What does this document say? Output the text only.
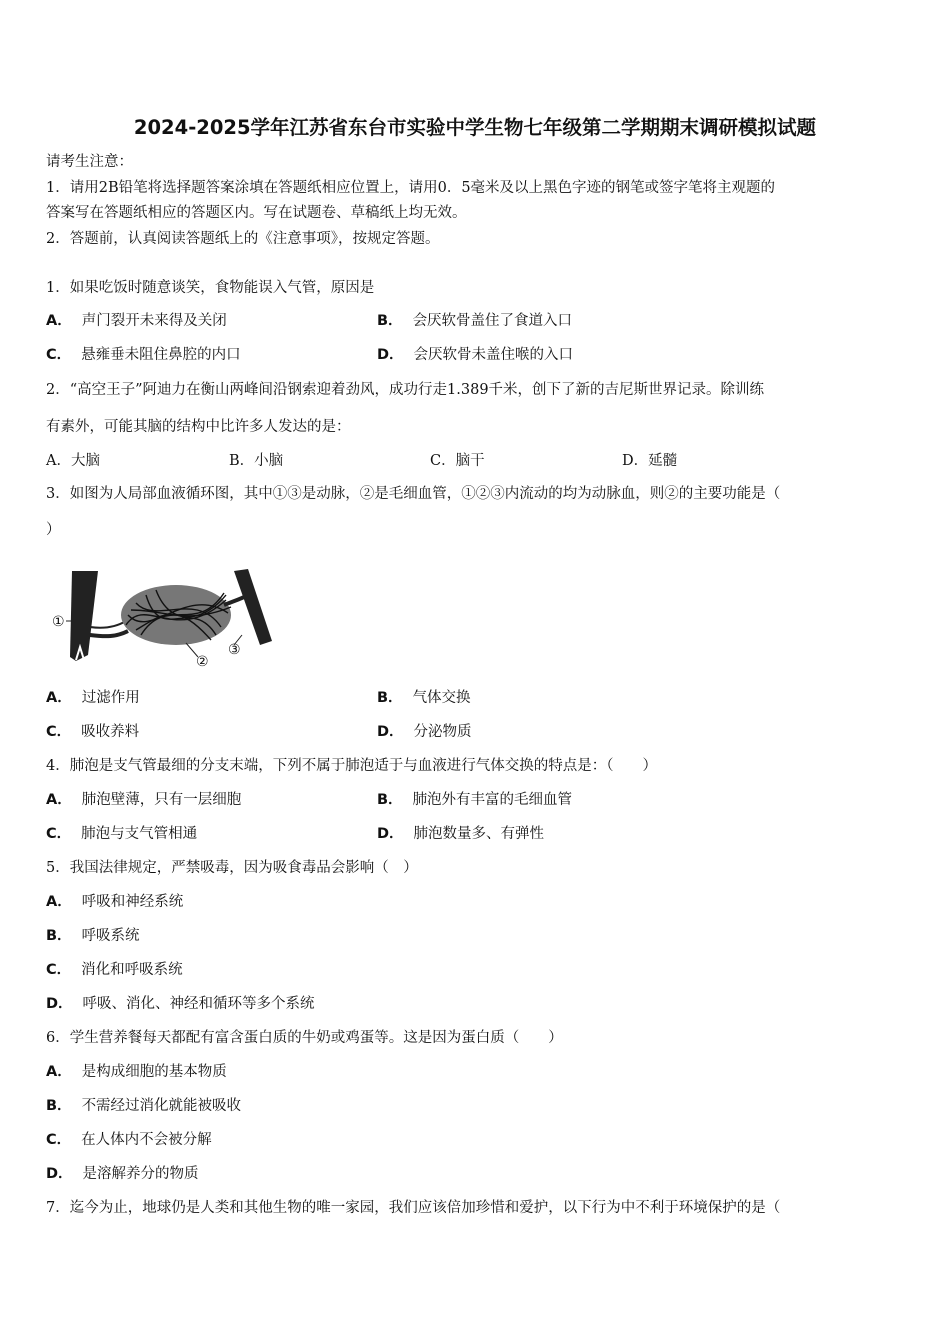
2024-2025学年江苏省东台市实验中学生物七年级第二学期期末调研模拟试题
请考生注意：
1．请用2B铅笔将选择题答案涂填在答题纸相应位置上，请用0．5毫米及以上黑色字迹的钢笔或签字笔将主观题的
答案写在答题纸相应的答题区内。写在试题卷、草稿纸上均无效。
2．答题前，认真阅读答题纸上的《注意事项》，按规定答题。
1．如果吃饭时随意谈笑，食物能误入气管，原因是
A． 声门裂开未来得及关闭	B． 会厌软骨盖住了食道入口
C． 悬雍垂未阻住鼻腔的内口	D． 会厌软骨未盖住喉的入口
2．“高空王子”阿迪力在衡山两峰间沿钢索迎着劲风，成功行走1.389千米，创下了新的吉尼斯世界记录。除训练
有素外，可能其脑的结构中比许多人发达的是：
A．大脑	B．小脑	C．脑干	D．延髓
3．如图为人局部血液循环图，其中①③是动脉，②是毛细血管，①②③内流动的均为动脉血，则②的主要功能是（
）
①
②
③
A． 过滤作用	B． 气体交换
C． 吸收养料	D． 分泌物质
4．肺泡是支气管最细的分支末端，下列不属于肺泡适于与血液进行气体交换的特点是：（　　）
A． 肺泡壁薄，只有一层细胞	B． 肺泡外有丰富的毛细血管
C． 肺泡与支气管相通	D． 肺泡数量多、有弹性
5．我国法律规定，严禁吸毒，因为吸食毒品会影响（　）
A． 呼吸和神经系统
B． 呼吸系统
C． 消化和呼吸系统
D． 呼吸、消化、神经和循环等多个系统
6．学生营养餐每天都配有富含蛋白质的牛奶或鸡蛋等。这是因为蛋白质（　　）
A． 是构成细胞的基本物质
B． 不需经过消化就能被吸收
C． 在人体内不会被分解
D． 是溶解养分的物质
7．迄今为止，地球仍是人类和其他生物的唯一家园，我们应该倍加珍惜和爱护，以下行为中不利于环境保护的是（
